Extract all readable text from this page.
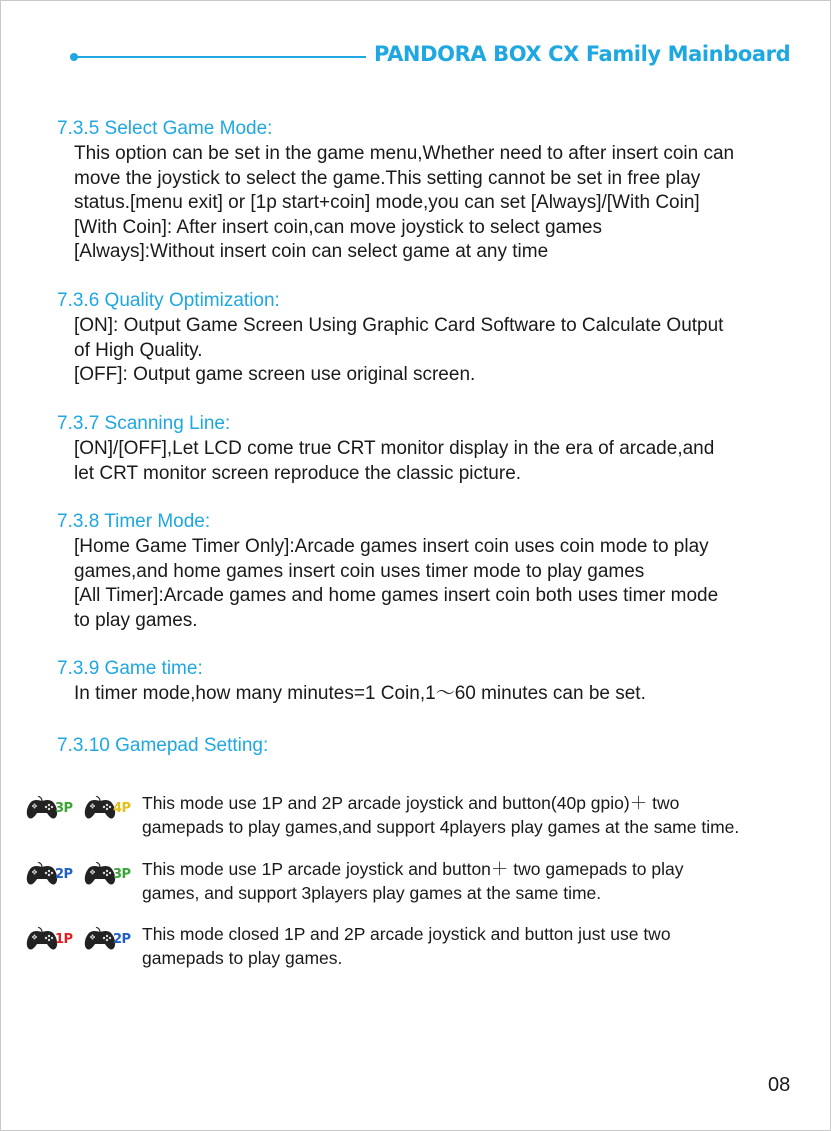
PANDORA BOX CX Family Mainboard
7.3.5 Select Game Mode:
This option can be set in the game menu,Whether need to after insert coin can
move the joystick to select the game.This setting cannot be set in free play
status.[menu exit] or [1p start+coin] mode,you can set [Always]/[With Coin]
[With Coin]: After insert coin,can move joystick to select games
[Always]:Without insert coin can select game at any time
7.3.6 Quality Optimization:
[ON]: Output Game Screen Using Graphic Card Software to Calculate Output
of High Quality.
[OFF]: Output game screen use original screen.
7.3.7 Scanning Line:
[ON]/[OFF],Let LCD come true CRT monitor display in the era of arcade,and
let CRT monitor screen reproduce the classic picture.
7.3.8 Timer Mode:
[Home Game Timer Only]:Arcade games insert coin uses coin mode to play
games,and home games insert coin uses timer mode to play games
[All Timer]:Arcade games and home games insert coin both uses timer mode
to play games.
7.3.9 Game time:
In timer mode,how many minutes=1 Coin,1～60 minutes can be set.
7.3.10 Gamepad Setting:
3P	4P This mode use 1P and 2P arcade joystick and button(40p gpio)＋ two
gamepads to play games,and support 4players play games at the same time.
2P	3P This mode use 1P arcade joystick and button＋ two gamepads to play
games, and support 3players play games at the same time.
1P	2P This mode closed 1P and 2P arcade joystick and button just use two
gamepads to play games.
08
